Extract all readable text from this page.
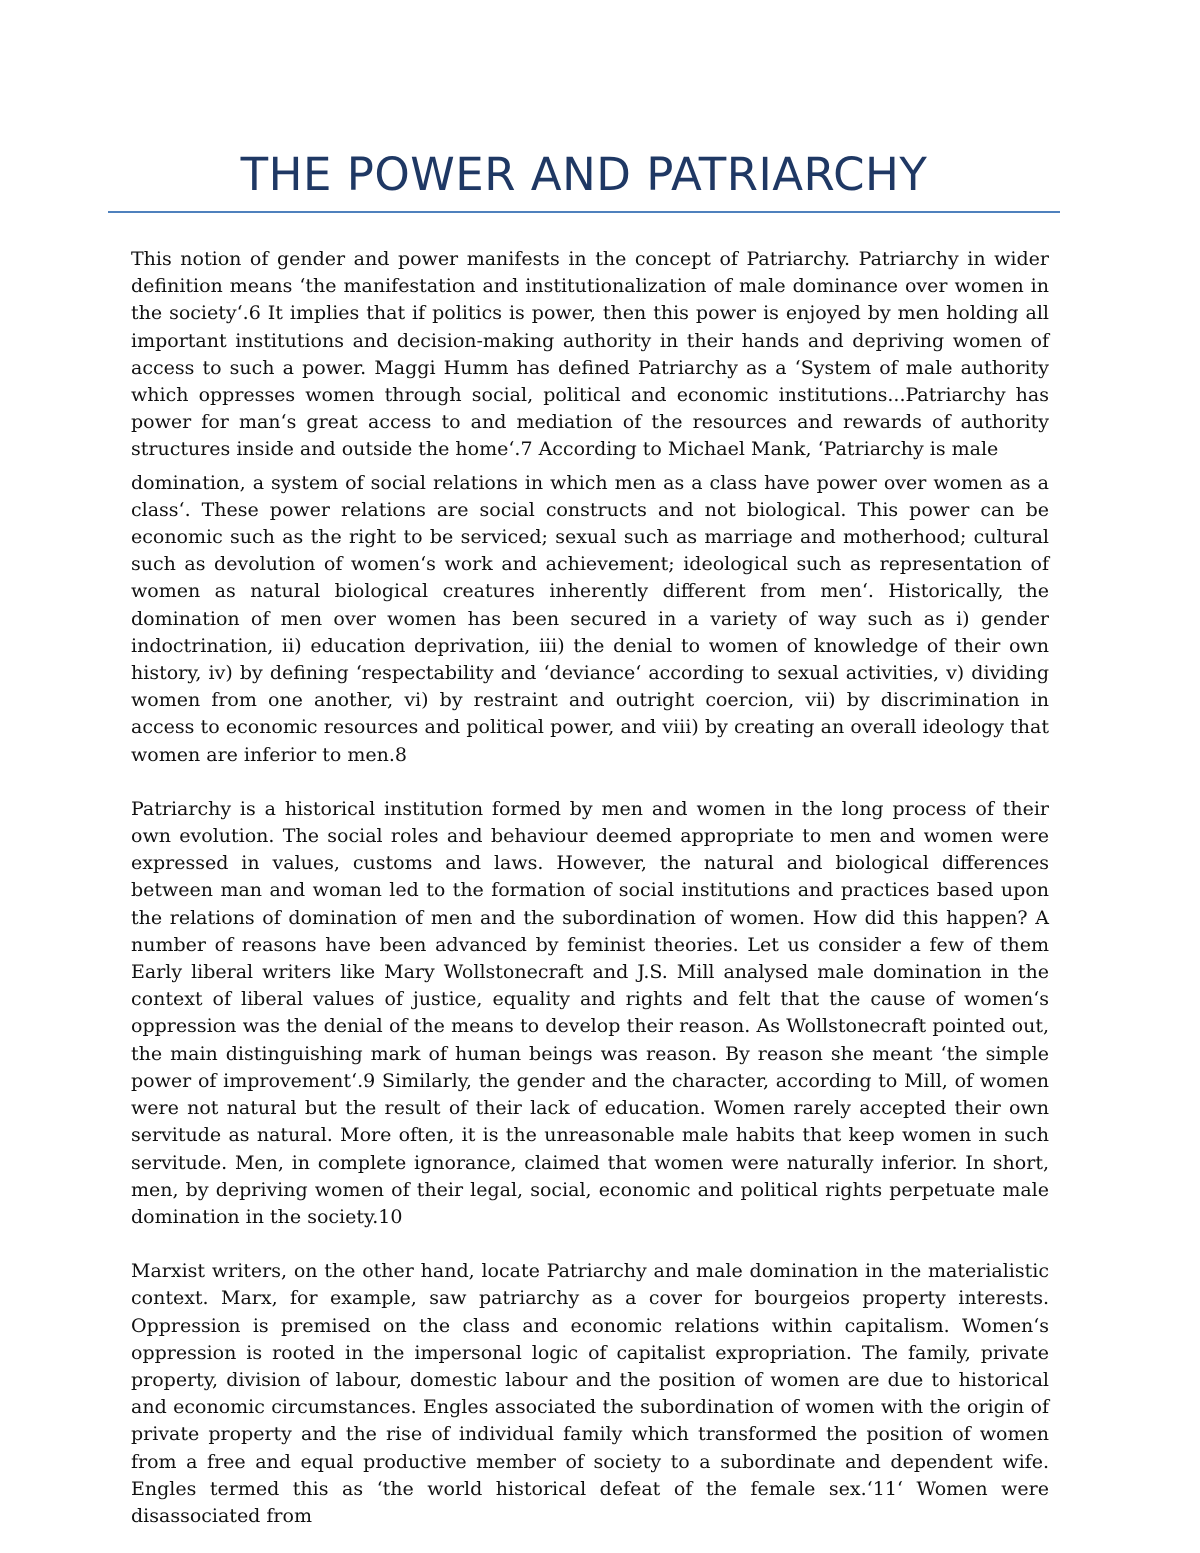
THE POWER AND PATRIARCHY

This notion of gender and power manifests in the concept of Patriarchy. Patriarchy in wider definition means ‘the manifestation and institutionalization of male dominance over women in the society‘.6 It implies that if politics is power, then this power is enjoyed by men holding all important institutions and decision-making authority in their hands and depriving women of access to such a power. Maggi Humm has defined Patriarchy as a ‘System of male authority which oppresses women through social, political and economic institutions...Patriarchy has power for man‘s great access to and mediation of the resources and rewards of authority structures inside and outside the home‘.7 According to Michael Mank, ‘Patriarchy is male

domination, a system of social relations in which men as a class have power over women as a class‘. These power relations are social constructs and not biological. This power can be economic such as the right to be serviced; sexual such as marriage and motherhood; cultural such as devolution of women‘s work and achievement; ideological such as representation of women as natural biological creatures inherently different from men‘. Historically, the domination of men over women has been secured in a variety of way such as i) gender indoctrination, ii) education deprivation, iii) the denial to women of knowledge of their own history, iv) by defining ‘respectability and ‘deviance‘ according to sexual activities, v) dividing women from one another, vi) by restraint and outright coercion, vii) by discrimination in access to economic resources and political power, and viii) by creating an overall ideology that women are inferior to men.8

Patriarchy is a historical institution formed by men and women in the long process of their own evolution. The social roles and behaviour deemed appropriate to men and women were expressed in values, customs and laws. However, the natural and biological differences between man and woman led to the formation of social institutions and practices based upon the relations of domination of men and the subordination of women. How did this happen? A number of reasons have been advanced by feminist theories. Let us consider a few of them Early liberal writers like Mary Wollstonecraft and J.S. Mill analysed male domination in the context of liberal values of justice, equality and rights and felt that the cause of women‘s oppression was the denial of the means to develop their reason. As Wollstonecraft pointed out, the main distinguishing mark of human beings was reason. By reason she meant ‘the simple power of improvement‘.9 Similarly, the gender and the character, according to Mill, of women were not natural but the result of their lack of education. Women rarely accepted their own servitude as natural. More often, it is the unreasonable male habits that keep women in such servitude. Men, in complete ignorance, claimed that women were naturally inferior. In short, men, by depriving women of their legal, social, economic and political rights perpetuate male domination in the society.10

Marxist writers, on the other hand, locate Patriarchy and male domination in the materialistic context. Marx, for example, saw patriarchy as a cover for bourgeios property interests. Oppression is premised on the class and economic relations within capitalism. Women‘s oppression is rooted in the impersonal logic of capitalist expropriation. The family, private property, division of labour, domestic labour and the position of women are due to historical and economic circumstances. Engles associated the subordination of women with the origin of private property and the rise of individual family which transformed the position of women from a free and equal productive member of society to a subordinate and dependent wife. Engles termed this as ‘the world historical defeat of the female sex.‘11‘ Women were disassociated from
